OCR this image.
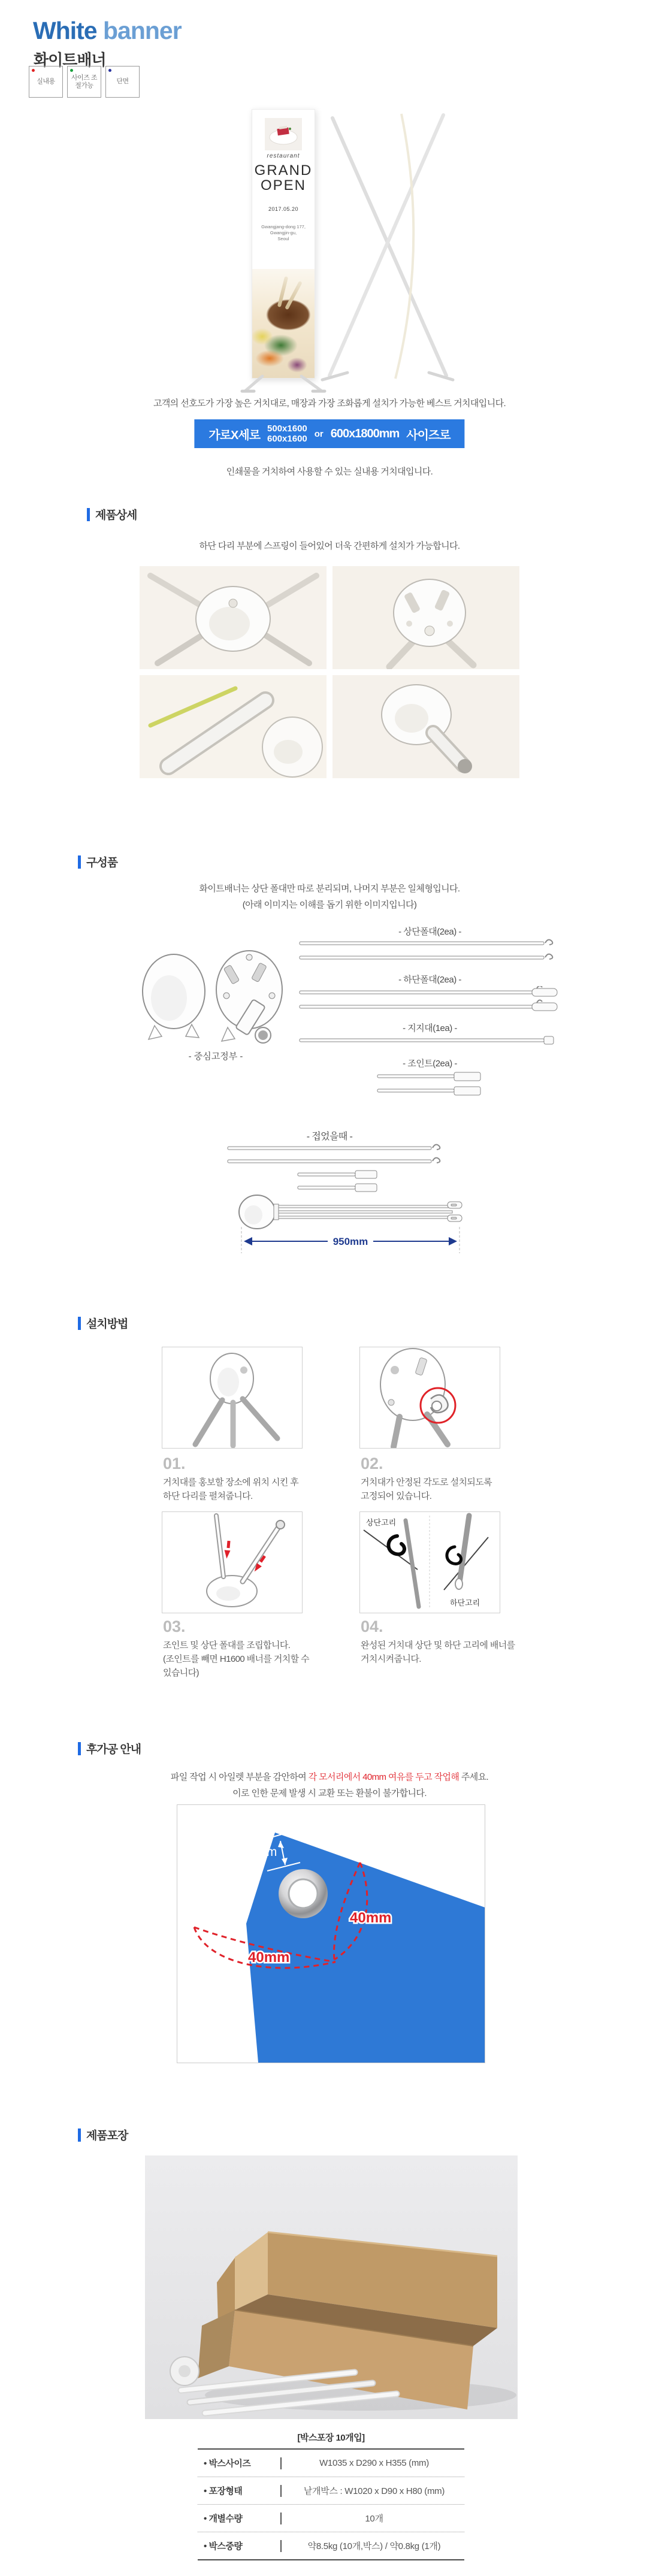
White banner
화이트배너
실내용
사이즈 조절가능
단면
restaurant
GRAND
OPEN
2017.05.20
Gwangjang-dong 177,
Gwangjin-gu,
Seoul
고객의 선호도가 가장 높은 거치대로, 매장과 가장 조화롭게 설치가 가능한 베스트 거치대입니다.
가로X세로 500x1600
600x1600 or 600x1800mm 사이즈로
인쇄물을 거치하여 사용할 수 있는 실내용 거치대입니다.
제품상세
하단 다리 부분에 스프링이 들어있어 더욱 간편하게 설치가 가능합니다.
구성품
화이트배너는 상단 폴대만 따로 분리되며, 나머지 부분은 일체형입니다.
(아래 이미지는 이해를 돕기 위한 이미지입니다)
- 중심고정부 -
- 상단폴대(2ea) -
- 하단폴대(2ea) -
- 지지대(1ea) -
- 조인트(2ea) -
- 접었을때 -
950mm
설치방법
01.
거치대를 홍보할 장소에 위치 시킨 후
하단 다리를 펼쳐줍니다.
02.
거치대가 안정된 각도로 설치되도록
고정되어 있습니다.
상단고리
하단고리
03.
조인트 및 상단 폴대를 조립합니다.
(조인트를 빼면 H1600 배너를 거치할 수
있습니다)
04.
완성된 거치대 상단 및 하단 고리에 배너를
거치시켜줍니다.
후가공 안내
파일 작업 시 아일렛 부분을 감안하여 각 모서리에서 40mm 여유를 두고 작업해 주세요.
이로 인한 문제 발생 시 교환 또는 환불이 불가합니다.
10mm
40mm
40mm
제품포장
[박스포장 10개입]
• 박스사이즈	W1035 x D290 x H355 (mm)
• 포장형태	낱개박스 : W1020 x D90 x H80 (mm)
• 개별수량	10개
• 박스중량	약8.5kg (10개,박스) / 약0.8kg (1개)
